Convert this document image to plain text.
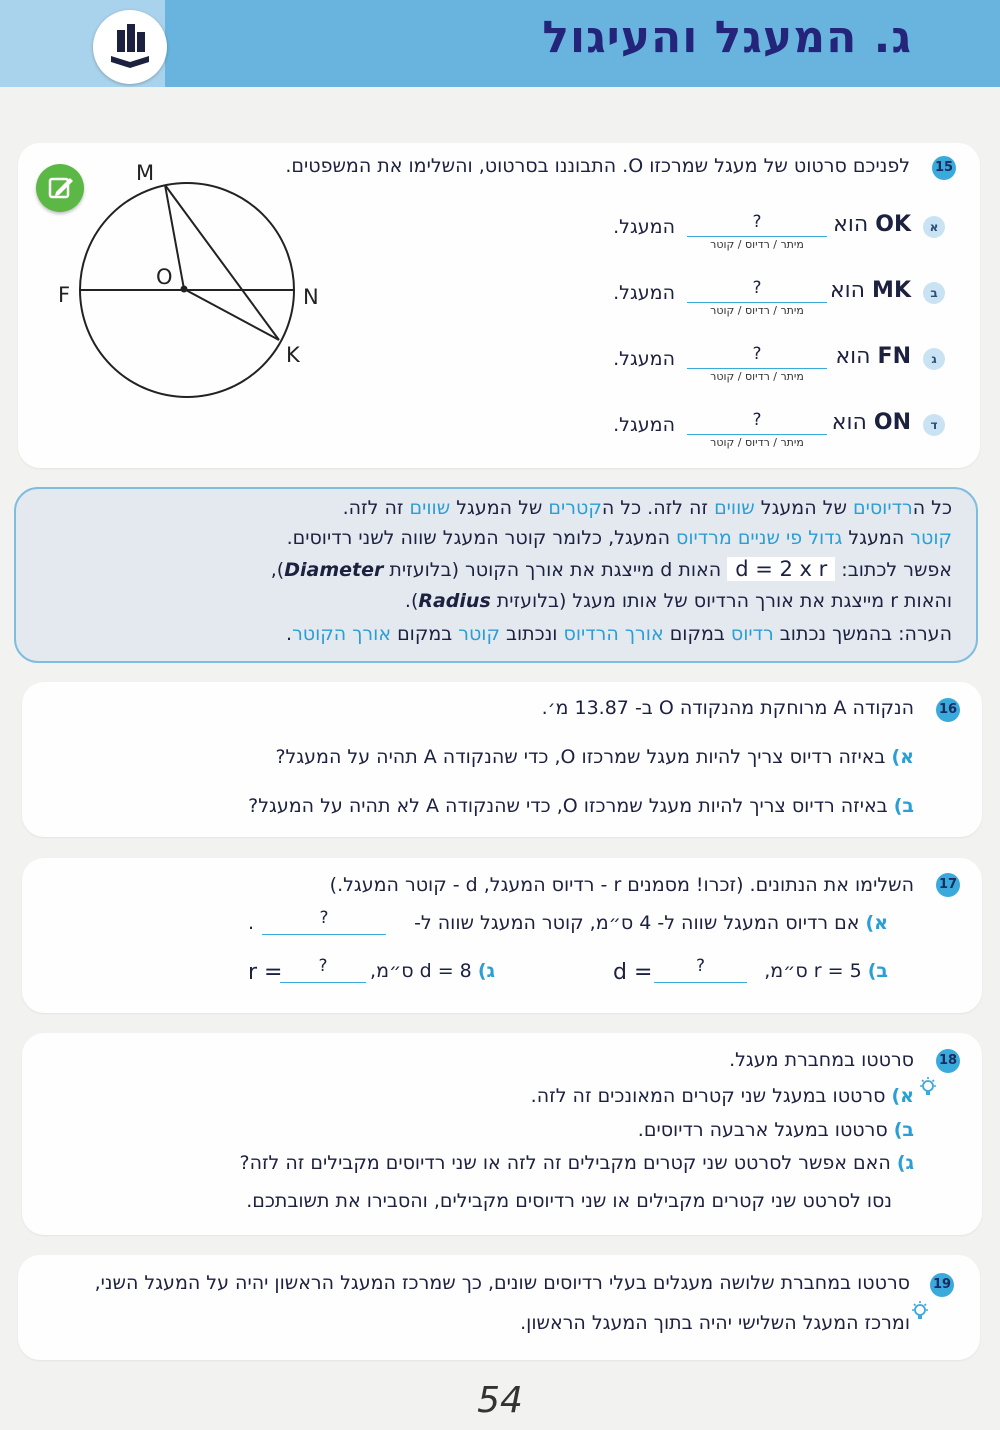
ג. המעגל והעיגול
15
לפניכם סרטוט של מעגל שמרכזו O. התבוננו בסרטוט, והשלימו את המשפטים.
M
O
F	N
K
א
OK הוא
?
מיתר / רדיוס / קוטר
המעגל.
ב
MK הוא
?
מיתר / רדיוס / קוטר
המעגל.
ג
FN הוא
?
מיתר / רדיוס / קוטר
המעגל.
ד
ON הוא
?
מיתר / רדיוס / קוטר
המעגל.
כל הרדיוסים של המעגל שווים זה לזה. כל הקטרים של המעגל שווים זה לזה.
קוטר המעגל גדול פי שניים מרדיוס המעגל, כלומר קוטר המעגל שווה לשני רדיוסים.
אפשר לכתוב: d = 2 x r האות d מייצגת את אורך הקוטר (בלועזית Diameter),
והאות r מייצגת את אורך הרדיוס של אותו מעגל (בלועזית Radius).
הערה: בהמשך נכתוב רדיוס במקום אורך הרדיוס ונכתוב קוטר במקום אורך הקוטר.
16
הנקודה A מרוחקת מהנקודה O ב- 13.87 מ׳.
א) באיזה רדיוס צריך להיות מעגל שמרכזו O, כדי שהנקודה A תהיה על המעגל?
ב) באיזה רדיוס צריך להיות מעגל שמרכזו O, כדי שהנקודה A לא תהיה על המעגל?
17
השלימו את הנתונים. (זכרו! מסמנים r - רדיוס המעגל, d - קוטר המעגל.)
א) אם רדיוס המעגל שווה ל- 4 ס״מ, קוטר המעגל שווה ל-
?
.
ב) r = 5 ס״מ,
d =	?
ג) d = 8 ס״מ,
r =	?
18
סרטטו במחברת מעגל.
א) סרטטו במעגל שני קטרים המאונכים זה לזה.
ב) סרטטו במעגל ארבעה רדיוסים.
ג) האם אפשר לסרטט שני קטרים מקבילים זה לזה או שני רדיוסים מקבילים זה לזה?
נסו לסרטט שני קטרים מקבילים או שני רדיוסים מקבילים, והסבירו את תשובתכם.
19
סרטטו במחברת שלושה מעגלים בעלי רדיוסים שונים, כך שמרכז המעגל הראשון יהיה על המעגל השני,
ומרכז המעגל השלישי יהיה בתוך המעגל הראשון.
54
